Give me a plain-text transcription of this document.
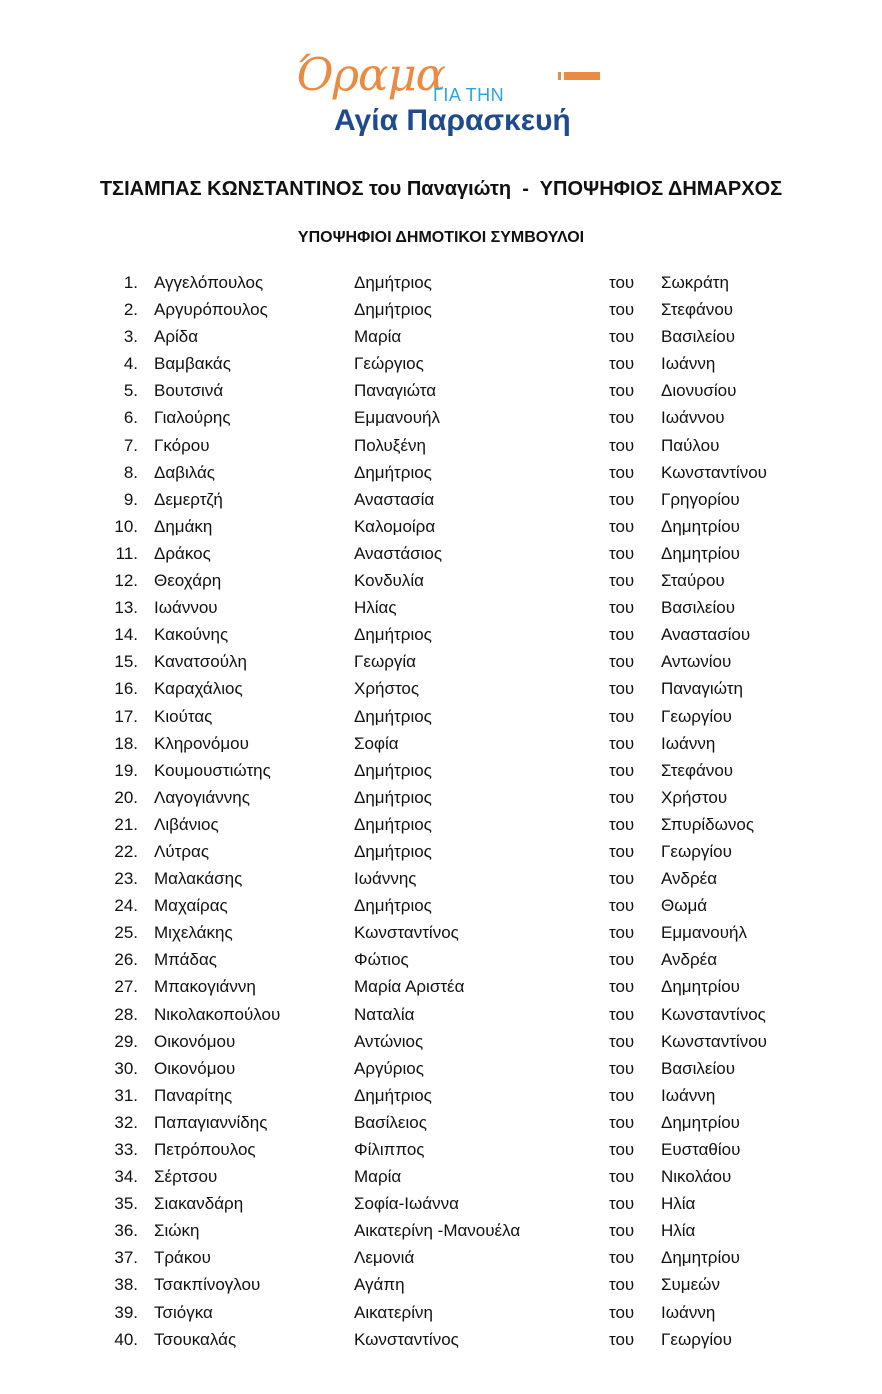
Όραμα
ΓΙΑ ΤΗΝ
Αγία Παρασκευή
ΤΣΙΑΜΠΑΣ ΚΩΝΣΤΑΝΤΙΝΟΣ του Παναγιώτη  -  ΥΠΟΨΗΦΙΟΣ ΔΗΜΑΡΧΟΣ
ΥΠΟΨΗΦΙΟΙ ΔΗΜΟΤΙΚΟΙ ΣΥΜΒΟΥΛΟΙ
1. Αγγελόπουλος	Δημήτριος	του Σωκράτη
2. Αργυρόπουλος	Δημήτριος	του Στεφάνου
3. Αρίδα	Μαρία	του Βασιλείου
4. Βαμβακάς	Γεώργιος	του Ιωάννη
5. Βουτσινά	Παναγιώτα	του Διονυσίου
6. Γιαλούρης	Εμμανουήλ	του Ιωάννου
7. Γκόρου	Πολυξένη	του Παύλου
8. Δαβιλάς	Δημήτριος	του Κωνσταντίνου
9. Δεμερτζή	Αναστασία	του Γρηγορίου
10. Δημάκη	Καλομοίρα	του Δημητρίου
11. Δράκος	Αναστάσιος	του Δημητρίου
12. Θεοχάρη	Κονδυλία	του Σταύρου
13. Ιωάννου	Ηλίας	του Βασιλείου
14. Κακούνης	Δημήτριος	του Αναστασίου
15. Κανατσούλη	Γεωργία	του Αντωνίου
16. Καραχάλιος	Χρήστος	του Παναγιώτη
17. Κιούτας	Δημήτριος	του Γεωργίου
18. Κληρονόμου	Σοφία	του Ιωάννη
19. Κουμουστιώτης	Δημήτριος	του Στεφάνου
20. Λαγογιάννης	Δημήτριος	του Χρήστου
21. Λιβάνιος	Δημήτριος	του Σπυρίδωνος
22. Λύτρας	Δημήτριος	του Γεωργίου
23. Μαλακάσης	Ιωάννης	του Ανδρέα
24. Μαχαίρας	Δημήτριος	του Θωμά
25. Μιχελάκης	Κωνσταντίνος	του Εμμανουήλ
26. Μπάδας	Φώτιος	του Ανδρέα
27. Μπακογιάννη	Μαρία Αριστέα	του Δημητρίου
28. Νικολακοπούλου	Ναταλία	του Κωνσταντίνος
29. Οικονόμου	Αντώνιος	του Κωνσταντίνου
30. Οικονόμου	Αργύριος	του Βασιλείου
31. Παναρίτης	Δημήτριος	του Ιωάννη
32. Παπαγιαννίδης	Βασίλειος	του Δημητρίου
33. Πετρόπουλος	Φίλιππος	του Ευσταθίου
34. Σέρτσου	Μαρία	του Νικολάου
35. Σιακανδάρη	Σοφία-Ιωάννα	του Ηλία
36. Σιώκη	Αικατερίνη -Μανουέλα	του Ηλία
37. Τράκου	Λεμονιά	του Δημητρίου
38. Τσακπίνογλου	Αγάπη	του Συμεών
39. Τσιόγκα	Αικατερίνη	του Ιωάννη
40. Τσουκαλάς	Κωνσταντίνος	του Γεωργίου
